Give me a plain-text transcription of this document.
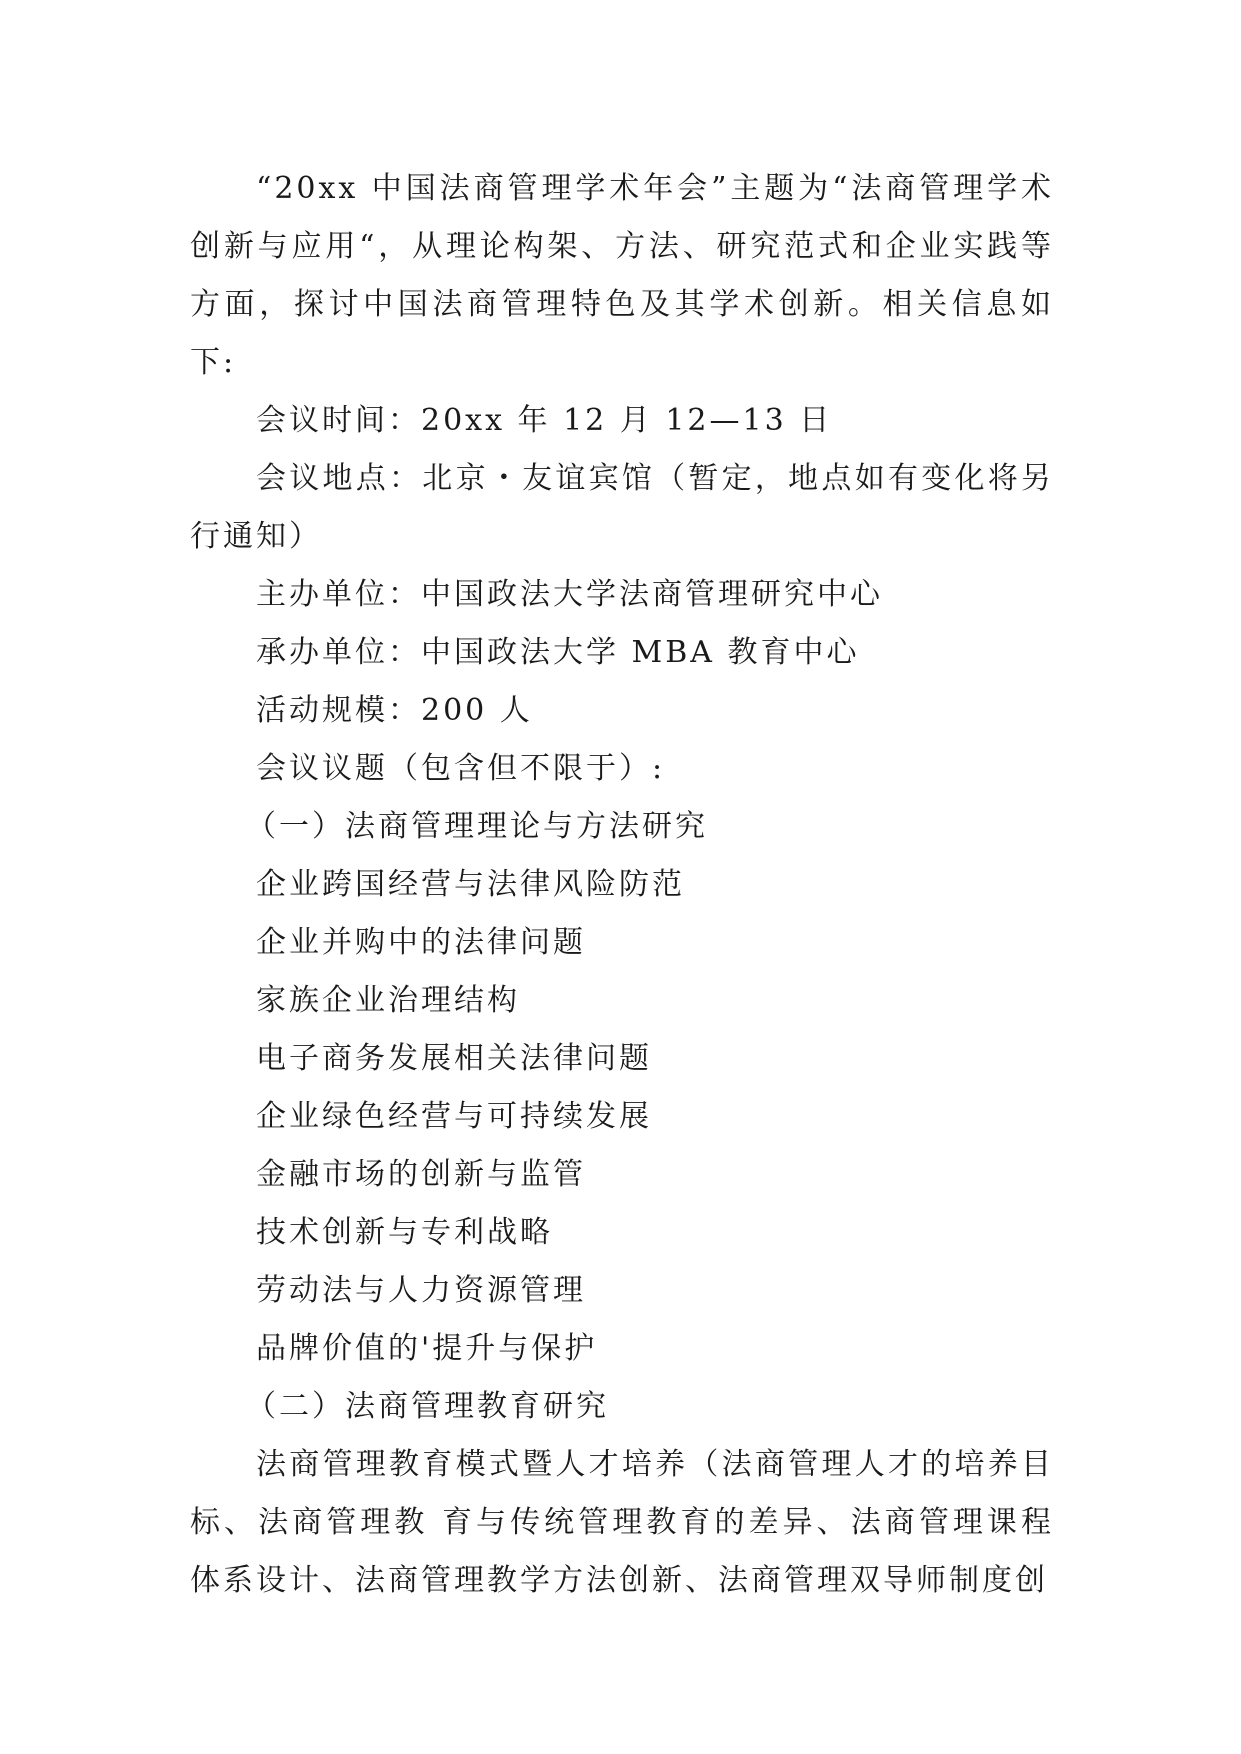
“20xx 中国法商管理学术年会”主题为“法商管理学术创新与应用“，从理论构架、方法、研究范式和企业实践等方面，探讨中国法商管理特色及其学术创新。相关信息如下:

会议时间：20xx 年 12 月 12—13 日

会议地点：北京・友谊宾馆（暂定，地点如有变化将另行通知）

主办单位：中国政法大学法商管理研究中心

承办单位：中国政法大学 MBA 教育中心

活动规模：200 人

会议议题（包含但不限于）:

（一）法商管理理论与方法研究

企业跨国经营与法律风险防范

企业并购中的法律问题

家族企业治理结构

电子商务发展相关法律问题

企业绿色经营与可持续发展

金融市场的创新与监管

技术创新与专利战略

劳动法与人力资源管理

品牌价值的'提升与保护

（二）法商管理教育研究

法商管理教育模式暨人才培养（法商管理人才的培养目标、法商管理教 育与传统管理教育的差异、法商管理课程体系设计、法商管理教学方法创新、法商管理双导师制度创
